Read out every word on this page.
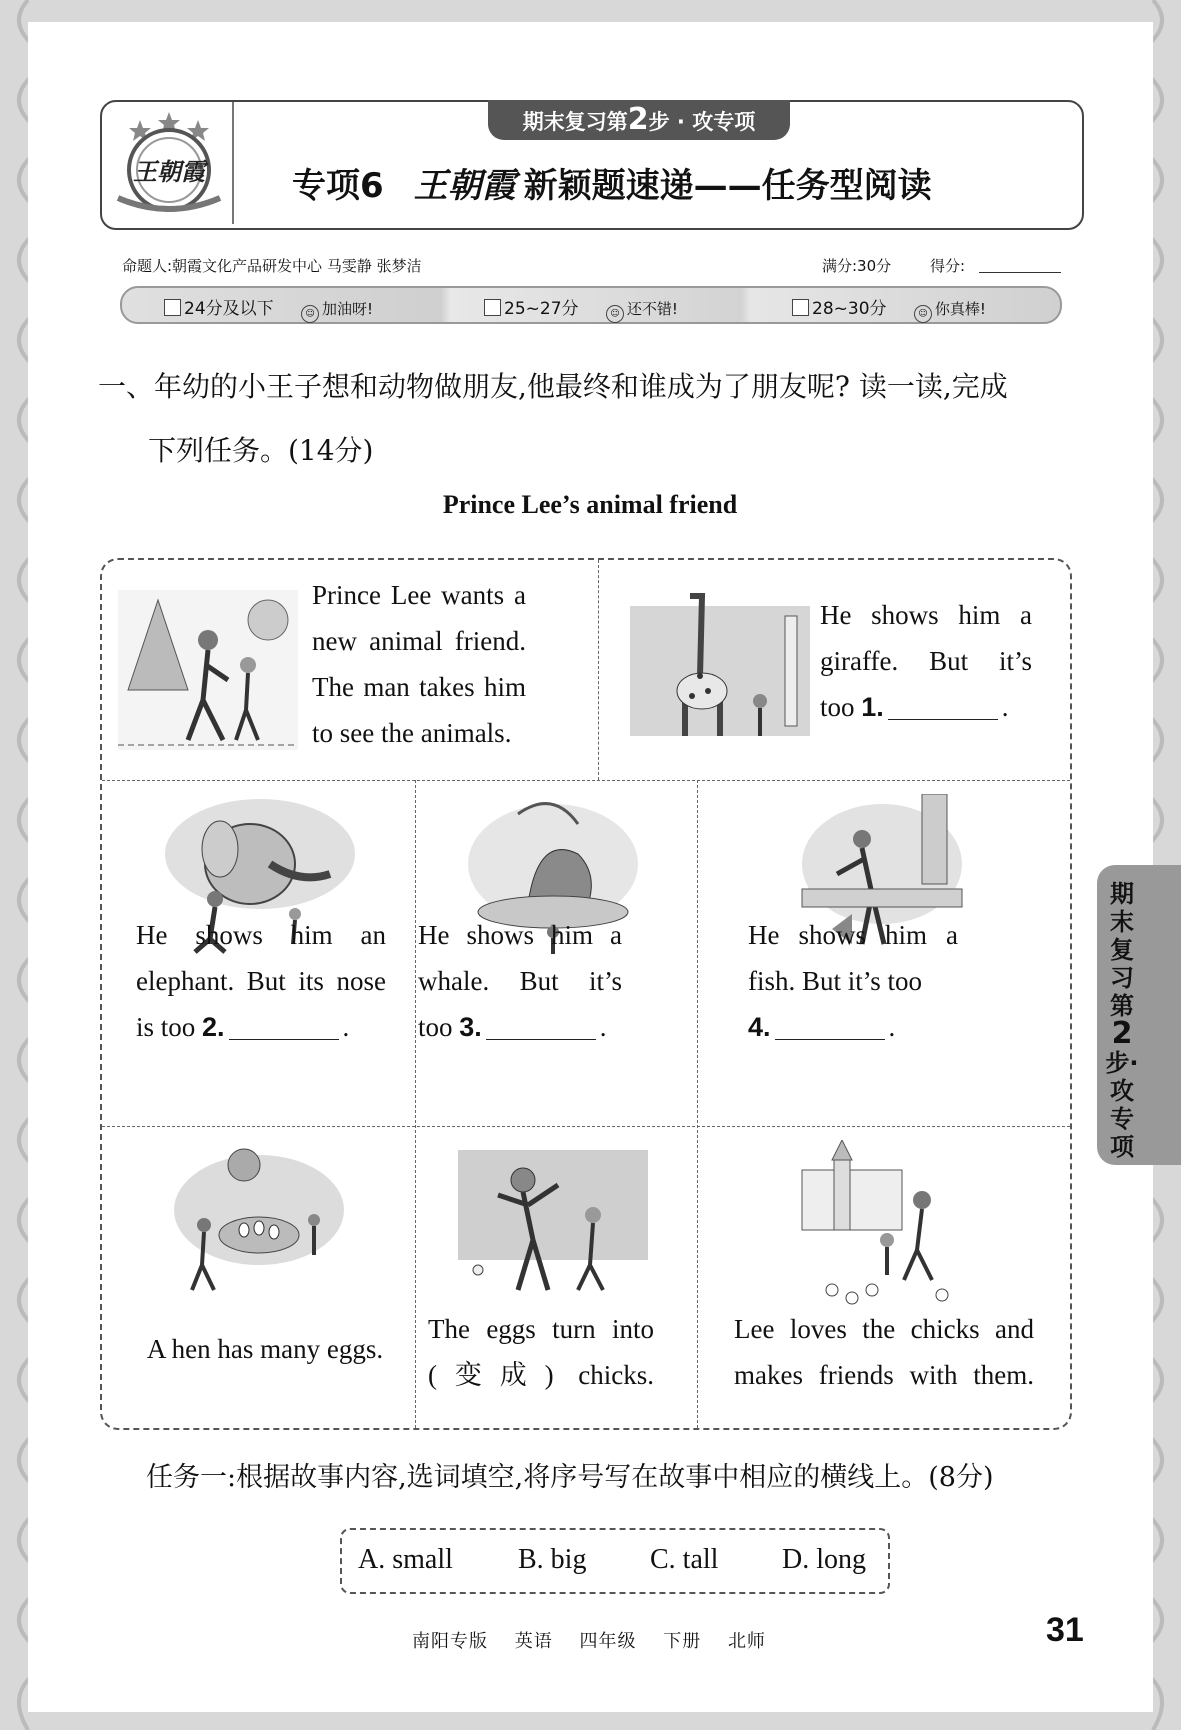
王朝霞
期末复习第2步 · 攻专项
专项6 王朝霞 新颖题速递——任务型阅读
命题人:朝霞文化产品研发中心 马雯静 张梦洁	满分:30分	得分:
24分及以下	☺ 加油呀!	25~27分	☺ 还不错!	28~30分	☺ 你真棒!
一、年幼的小王子想和动物做朋友,他最终和谁成为了朋友呢? 读一读,完成
下列任务。(14分)
Prince Lee’s animal friend
Prince Lee wants a
new animal friend.
The man takes him
to see the animals.
He shows him a
giraffe. But it’s
too 1.	.
He shows him an
elephant. But its nose
is too 2.	.
He shows him a
whale. But it’s
too 3.	.
He shows him a
fish. But it’s too
4.	.
A hen has many eggs.
The eggs turn into
(变成) chicks.
Lee loves the chicks and
makes friends with them.
任务一:根据故事内容,选词填空,将序号写在故事中相应的横线上。(8分)
A. small B. big C. tall D. long
南阳专版 英语 四年级 下册 北师	31
期末复习第2步·攻专项
